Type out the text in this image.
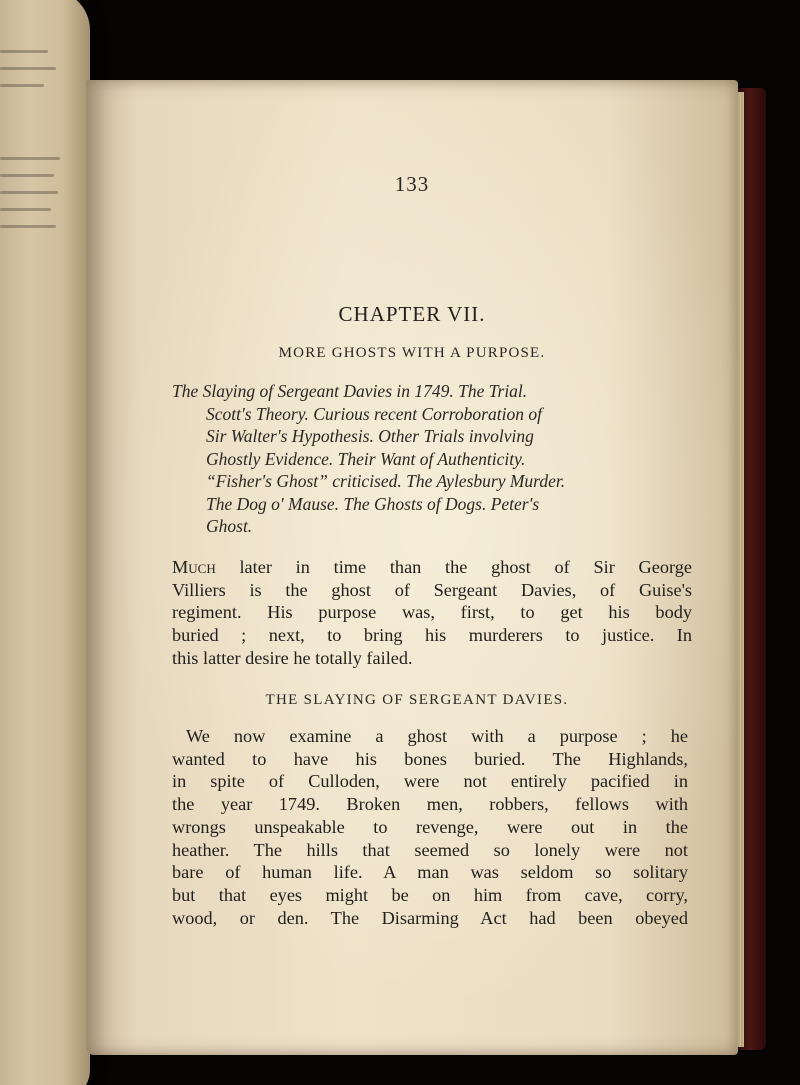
133
CHAPTER VII.
MORE GHOSTS WITH A PURPOSE.
The Slaying of Sergeant Davies in 1749. The Trial.
Scott's Theory. Curious recent Corroboration of
Sir Walter's Hypothesis. Other Trials involving
Ghostly Evidence. Their Want of Authenticity.
“Fisher's Ghost” criticised. The Aylesbury Murder.
The Dog o' Mause. The Ghosts of Dogs. Peter's
Ghost.
Much later in time than the ghost of Sir George
Villiers is the ghost of Sergeant Davies, of Guise's
regiment. His purpose was, first, to get his body
buried ; next, to bring his murderers to justice. In
this latter desire he totally failed.
THE SLAYING OF SERGEANT DAVIES.
We now examine a ghost with a purpose ; he
wanted to have his bones buried. The Highlands,
in spite of Culloden, were not entirely pacified in
the year 1749. Broken men, robbers, fellows with
wrongs unspeakable to revenge, were out in the
heather. The hills that seemed so lonely were not
bare of human life. A man was seldom so solitary
but that eyes might be on him from cave, corry,
wood, or den. The Disarming Act had been obeyed
